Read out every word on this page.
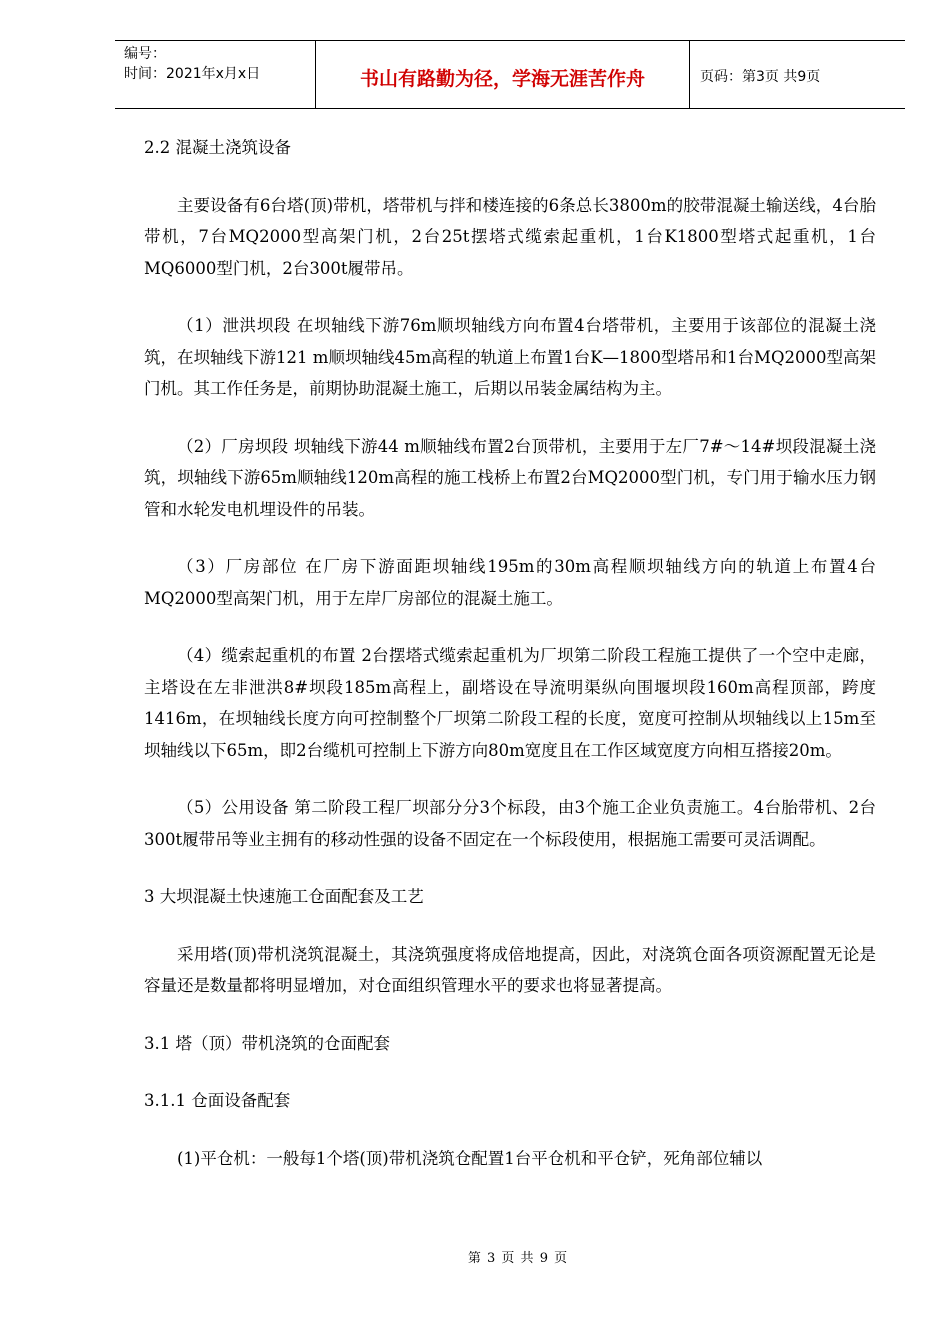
编号：
时间：2021年x月x日	书山有路勤为径，学海无涯苦作舟	页码：第3页 共9页

2.2 混凝土浇筑设备

主要设备有6台塔(顶)带机，塔带机与拌和楼连接的6条总长3800m的胶带混凝土输送线，4台胎带机，7台MQ2000型高架门机，2台25t摆塔式缆索起重机，1台K1800型塔式起重机，1台MQ6000型门机，2台300t履带吊。

（1）泄洪坝段 在坝轴线下游76m顺坝轴线方向布置4台塔带机，主要用于该部位的混凝土浇筑，在坝轴线下游121 m顺坝轴线45m高程的轨道上布置1台K—1800型塔吊和1台MQ2000型高架门机。其工作任务是，前期协助混凝土施工，后期以吊装金属结构为主。

（2）厂房坝段 坝轴线下游44 m顺轴线布置2台顶带机，主要用于左厂7#～14#坝段混凝土浇筑，坝轴线下游65m顺轴线120m高程的施工栈桥上布置2台MQ2000型门机，专门用于输水压力钢管和水轮发电机埋设件的吊装。

（3）厂房部位 在厂房下游面距坝轴线195m的30m高程顺坝轴线方向的轨道上布置4台MQ2000型高架门机，用于左岸厂房部位的混凝土施工。

（4）缆索起重机的布置 2台摆塔式缆索起重机为厂坝第二阶段工程施工提供了一个空中走廊，主塔设在左非泄洪8#坝段185m高程上，副塔设在导流明渠纵向围堰坝段160m高程顶部，跨度1416m，在坝轴线长度方向可控制整个厂坝第二阶段工程的长度，宽度可控制从坝轴线以上15m至坝轴线以下65m，即2台缆机可控制上下游方向80m宽度且在工作区域宽度方向相互搭接20m。

（5）公用设备 第二阶段工程厂坝部分分3个标段，由3个施工企业负责施工。4台胎带机、2台300t履带吊等业主拥有的移动性强的设备不固定在一个标段使用，根据施工需要可灵活调配。

3 大坝混凝土快速施工仓面配套及工艺

采用塔(顶)带机浇筑混凝土，其浇筑强度将成倍地提高，因此，对浇筑仓面各项资源配置无论是容量还是数量都将明显增加，对仓面组织管理水平的要求也将显著提高。

3.1 塔（顶）带机浇筑的仓面配套

3.1.1 仓面设备配套

(1)平仓机：一般每1个塔(顶)带机浇筑仓配置1台平仓机和平仓铲，死角部位辅以

第 3 页 共 9 页
